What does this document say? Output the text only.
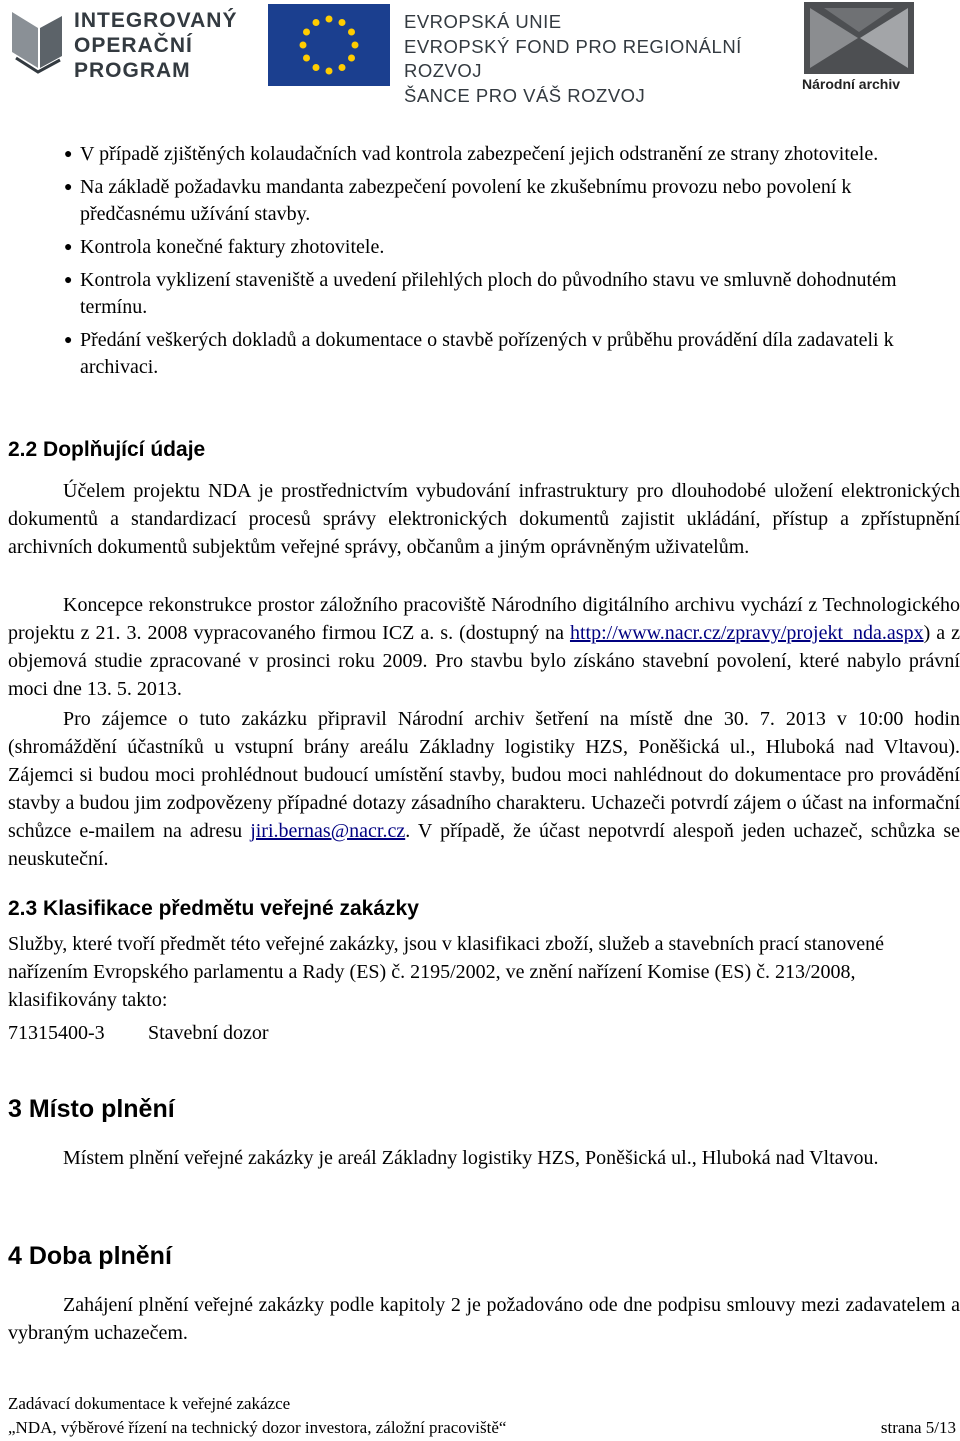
INTEGROVANÝ
OPERAČNÍ
PROGRAM
EVROPSKÁ UNIE
EVROPSKÝ FOND PRO REGIONÁLNÍ ROZVOJ
ŠANCE PRO VÁŠ ROZVOJ
Národní archiv
● V případě zjištěných kolaudačních vad kontrola zabezpečení jejich odstranění ze strany zhotovitele.
● Na základě požadavku mandanta zabezpečení povolení ke zkušebnímu provozu nebo povolení k předčasnému užívání stavby.
● Kontrola konečné faktury zhotovitele.
● Kontrola vyklizení staveniště a uvedení přilehlých ploch do původního stavu ve smluvně dohodnutém termínu.
● Předání veškerých dokladů a dokumentace o stavbě pořízených v průběhu provádění díla zadavateli k archivaci.
2.2 Doplňující údaje

Účelem projektu NDA je prostřednictvím vybudování infrastruktury pro dlouhodobé uložení elektronických dokumentů a standardizací procesů správy elektronických dokumentů zajistit ukládání, přístup a zpřístupnění archivních dokumentů subjektům veřejné správy, občanům a jiným oprávněným uživatelům.

Koncepce rekonstrukce prostor záložního pracoviště Národního digitálního archivu vychází z Technologického projektu z 21. 3. 2008 vypracovaného firmou ICZ a. s. (dostupný na http://www.nacr.cz/zpravy/projekt_nda.aspx) a z objemová studie zpracované v prosinci roku 2009. Pro stavbu bylo získáno stavební povolení, které nabylo právní moci dne 13. 5. 2013.

Pro zájemce o tuto zakázku připravil Národní archiv šetření na místě dne 30. 7. 2013 v 10:00 hodin (shromáždění účastníků u vstupní brány areálu Základny logistiky HZS, Poněšická ul., Hluboká nad Vltavou). Zájemci si budou moci prohlédnout budoucí umístění stavby, budou moci nahlédnout do dokumentace pro provádění stavby a budou jim zodpovězeny případné dotazy zásadního charakteru. Uchazeči potvrdí zájem o účast na informační schůzce e-mailem na adresu jiri.bernas@nacr.cz. V případě, že účast nepotvrdí alespoň jeden uchazeč, schůzka se neuskuteční.

2.3 Klasifikace předmětu veřejné zakázky

Služby, které tvoří předmět této veřejné zakázky, jsou v klasifikaci zboží, služeb a stavebních prací stanovené nařízením Evropského parlamentu a Rady (ES) č. 2195/2002, ve znění nařízení Komise (ES) č. 213/2008, klasifikovány takto:

71315400-3 Stavební dozor
3 Místo plnění

Místem plnění veřejné zakázky je areál Základny logistiky HZS, Poněšická ul., Hluboká nad Vltavou.

4 Doba plnění

Zahájení plnění veřejné zakázky podle kapitoly 2 je požadováno ode dne podpisu smlouvy mezi zadavatelem a vybraným uchazečem.

Zadávací dokumentace k veřejné zakázce
„NDA, výběrové řízení na technický dozor investora, záložní pracoviště“	strana 5/13
